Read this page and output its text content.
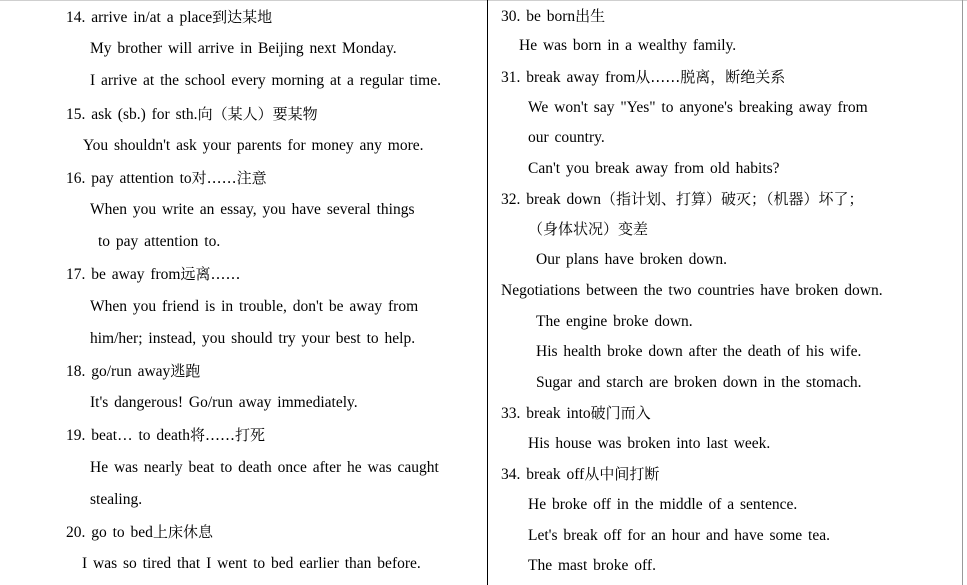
14. arrive in/at a place到达某地
My brother will arrive in Beijing next Monday.
I arrive at the school every morning at a regular time.
15. ask (sb.) for sth.向（某人）要某物
You shouldn't ask your parents for money any more.
16. pay attention to对……注意
When you write an essay, you have several things
to pay attention to.
17. be away from远离……
When you friend is in trouble, don't be away from
him/her; instead, you should try your best to help.
18. go/run away逃跑
It's dangerous! Go/run away immediately.
19. beat… to death将……打死
He was nearly beat to death once after he was caught
stealing.
20. go to bed上床休息
I was so tired that I went to bed earlier than before.
30. be born出生
He was born in a wealthy family.
31. break away from从……脱离，断绝关系
We won't say "Yes" to anyone's breaking away from
our country.
Can't you break away from old habits?
32. break down（指计划、打算）破灭；（机器）坏了；
（身体状况）变差
Our plans have broken down.
Negotiations between the two countries have broken down.
The engine broke down.
His health broke down after the death of his wife.
Sugar and starch are broken down in the stomach.
33. break into破门而入
His house was broken into last week.
34. break off从中间打断
He broke off in the middle of a sentence.
Let's break off for an hour and have some tea.
The mast broke off.
